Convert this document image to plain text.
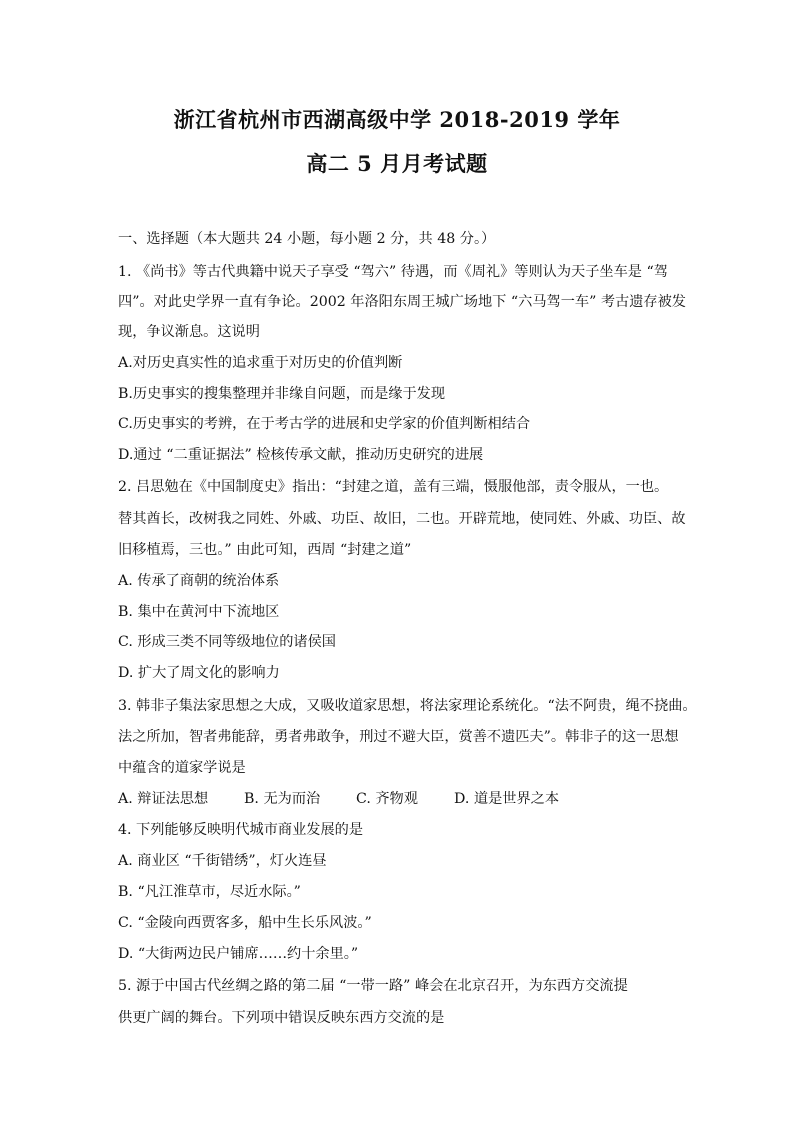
浙江省杭州市西湖高级中学 2018-2019 学年
高二 5 月月考试题
一、选择题（本大题共 24 小题，每小题 2 分，共 48 分。）
1. 《尚书》等古代典籍中说天子享受 “驾六” 待遇，而《周礼》等则认为天子坐车是 “驾
四”。对此史学界一直有争论。2002 年洛阳东周王城广场地下 “六马驾一车” 考古遗存被发
现，争议渐息。这说明
A.对历史真实性的追求重于对历史的价值判断
B.历史事实的搜集整理并非缘自问题，而是缘于发现
C.历史事实的考辨，在于考古学的进展和史学家的价值判断相结合
D.通过 “二重证据法” 检核传承文献，推动历史研究的进展
2. 吕思勉在《中国制度史》指出：“封建之道，盖有三端，慑服他部，责令服从，一也。
替其酋长，改树我之同姓、外戚、功臣、故旧，二也。开辟荒地，使同姓、外戚、功臣、故
旧移植焉，三也。” 由此可知，西周 “封建之道”
A. 传承了商朝的统治体系
B. 集中在黄河中下流地区
C. 形成三类不同等级地位的诸侯国
D. 扩大了周文化的影响力
3. 韩非子集法家思想之大成，又吸收道家思想，将法家理论系统化。“法不阿贵，绳不挠曲。
法之所加，智者弗能辞，勇者弗敢争，刑过不避大臣，赏善不遗匹夫”。韩非子的这一思想
中蕴含的道家学说是
A. 辩证法思想	B. 无为而治	C. 齐物观	D. 道是世界之本
4. 下列能够反映明代城市商业发展的是
A. 商业区 “千街错绣”，灯火连昼
B. “凡江淮草市，尽近水际。”
C. “金陵向西贾客多，船中生长乐风波。”
D. “大街两边民户铺席……约十余里。”
5. 源于中国古代丝绸之路的第二届 “一带一路” 峰会在北京召开，为东西方交流提
供更广阔的舞台。下列项中错误反映东西方交流的是
